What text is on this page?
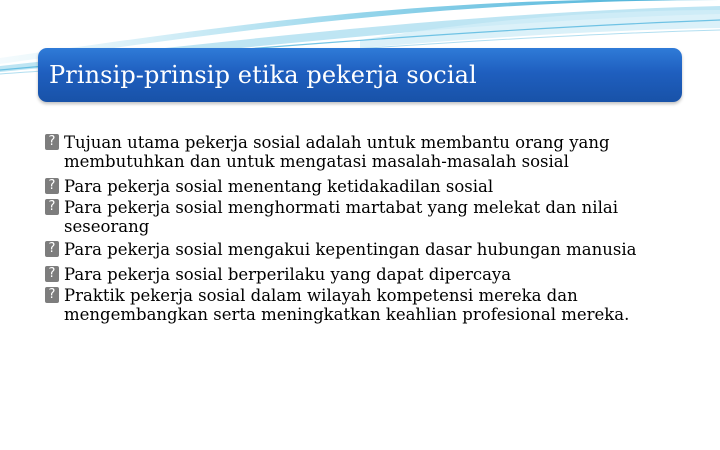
Prinsip-prinsip etika pekerja social
? Tujuan utama pekerja sosial adalah untuk membantu orang yang membutuhkan dan untuk mengatasi masalah-masalah sosial
? Para pekerja sosial menentang ketidakadilan sosial
? Para pekerja sosial menghormati martabat yang melekat dan nilai seseorang
? Para pekerja sosial mengakui kepentingan dasar hubungan manusia
? Para pekerja sosial berperilaku yang dapat dipercaya
? Praktik pekerja sosial dalam wilayah kompetensi mereka dan mengembangkan serta meningkatkan keahlian profesional mereka.
